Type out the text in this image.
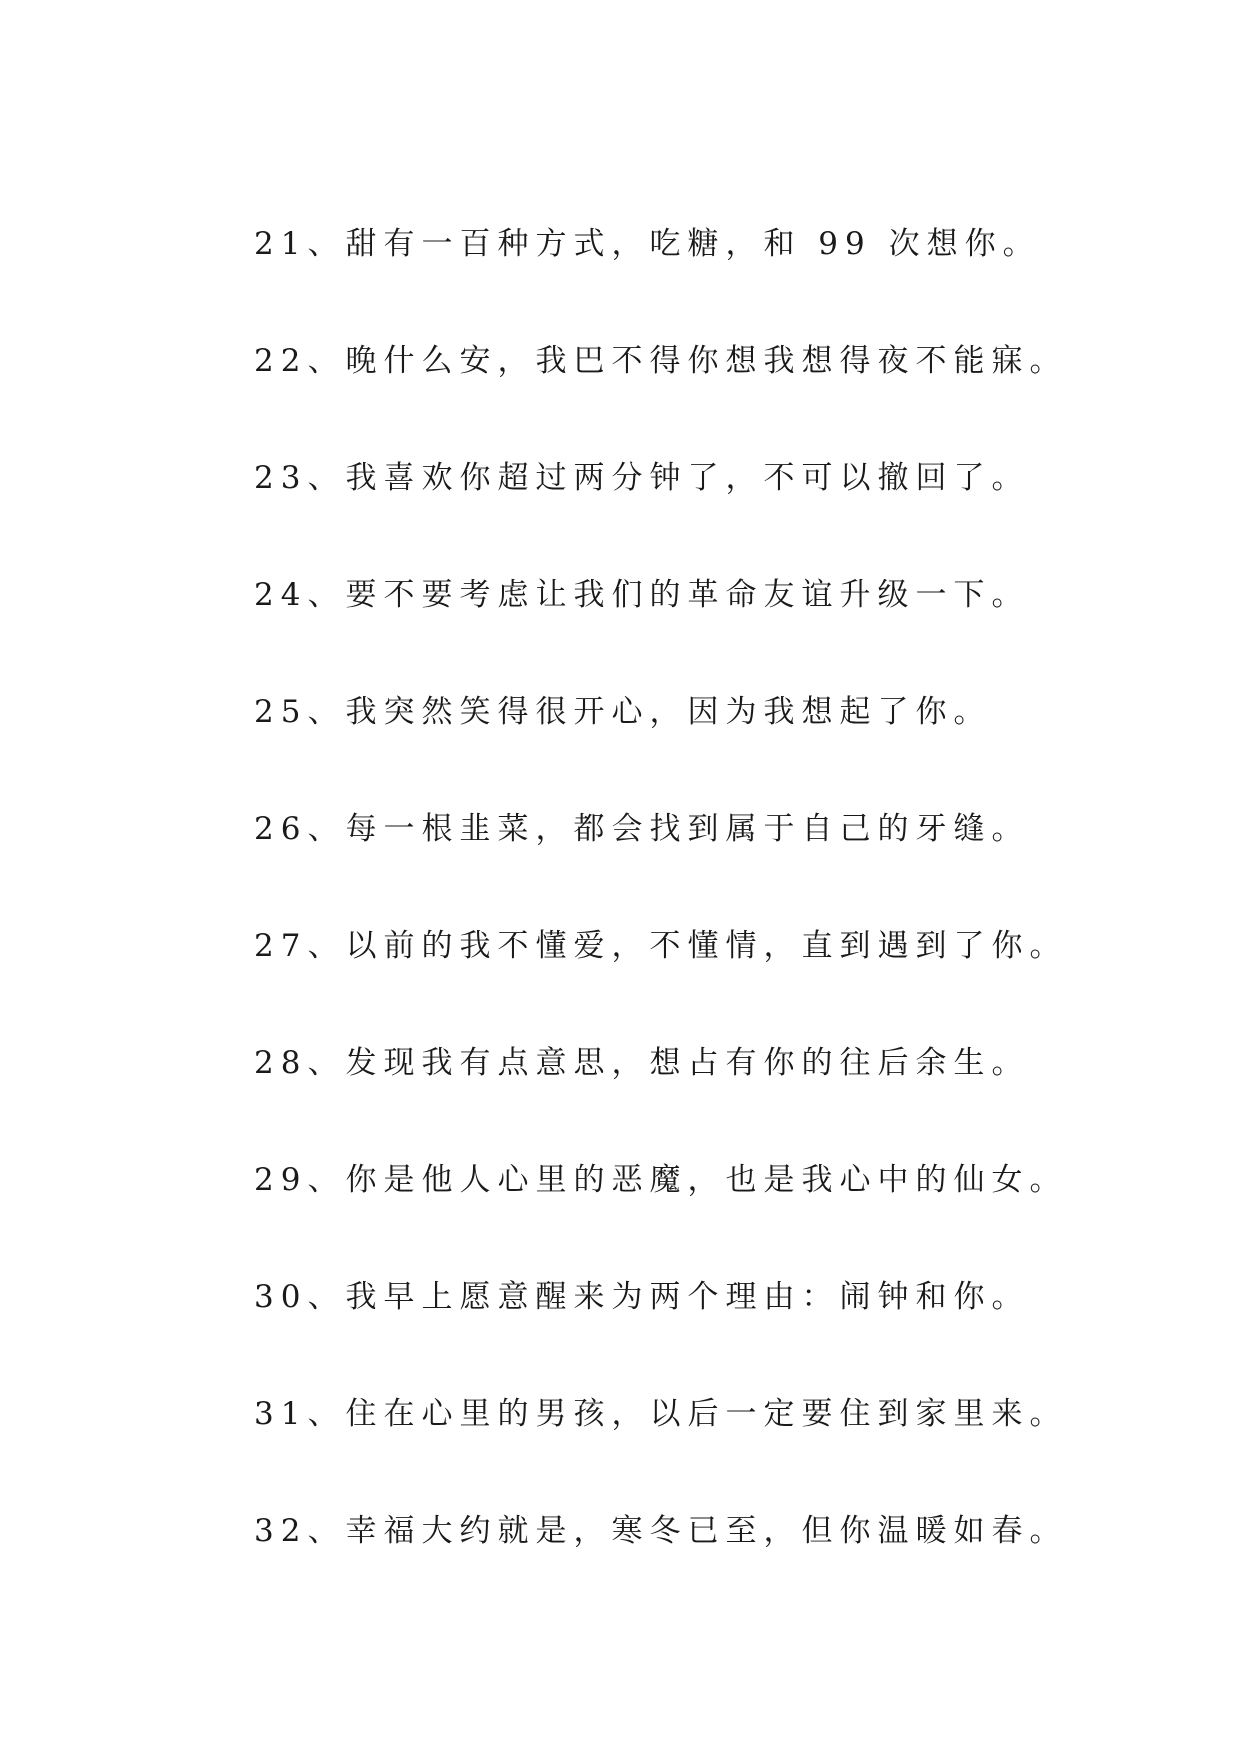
21、甜有一百种方式，吃糖，和 99 次想你。
22、晚什么安，我巴不得你想我想得夜不能寐。
23、我喜欢你超过两分钟了，不可以撤回了。
24、要不要考虑让我们的革命友谊升级一下。
25、我突然笑得很开心，因为我想起了你。
26、每一根韭菜，都会找到属于自己的牙缝。
27、以前的我不懂爱，不懂情，直到遇到了你。
28、发现我有点意思，想占有你的往后余生。
29、你是他人心里的恶魔，也是我心中的仙女。
30、我早上愿意醒来为两个理由：闹钟和你。
31、住在心里的男孩，以后一定要住到家里来。
32、幸福大约就是，寒冬已至，但你温暖如春。
